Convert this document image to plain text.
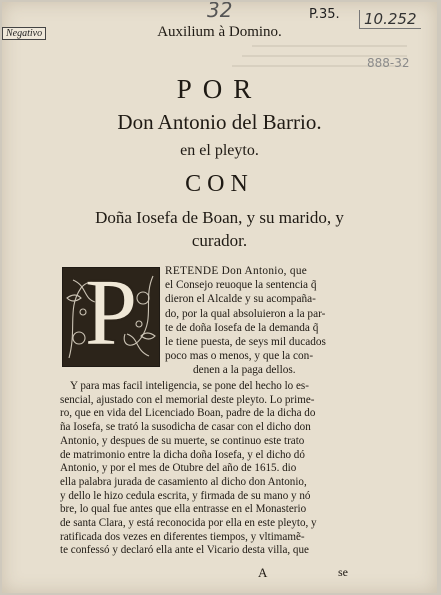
Negativo
32	P.35.	10.252
888-32
Auxilium à Domino.
POR
Don Antonio del Barrio.
en el pleyto.
CON
Doña Iosefa de Boan, y su marido, y
curador.
P	RETENDE Don Antonio, que
el Consejo reuoque la sentencia q̃
dieron el Alcalde y su acompaña-
do, por la qual absoluieron a la par-
te de doña Iosefa de la demanda q̃
le tiene puesta, de seys mil ducados
poco mas o menos, y que la con-
denen a la paga dellos.
Y para mas facil inteligencia, se pone del hecho lo es-
sencial, ajustado con el memorial deste pleyto. Lo prime-
ro, que en vida del Licenciado Boan, padre de la dicha do
ña Iosefa, se trató la susodicha de casar con el dicho don
Antonio, y despues de su muerte, se continuo este trato
de matrimonio entre la dicha doña Iosefa, y el dicho dó
Antonio, y por el mes de Otubre del año de 1615. dio
ella palabra jurada de casamiento al dicho don Antonio,
y dello le hizo cedula escrita, y firmada de su mano y nó
bre, lo qual fue antes que ella entrasse en el Monasterio
de santa Clara, y está reconocida por ella en este pleyto, y
ratificada dos vezes en diferentes tiempos, y vltimamẽ-
te confessó y declaró ella ante el Vicario desta villa, que
A	se
